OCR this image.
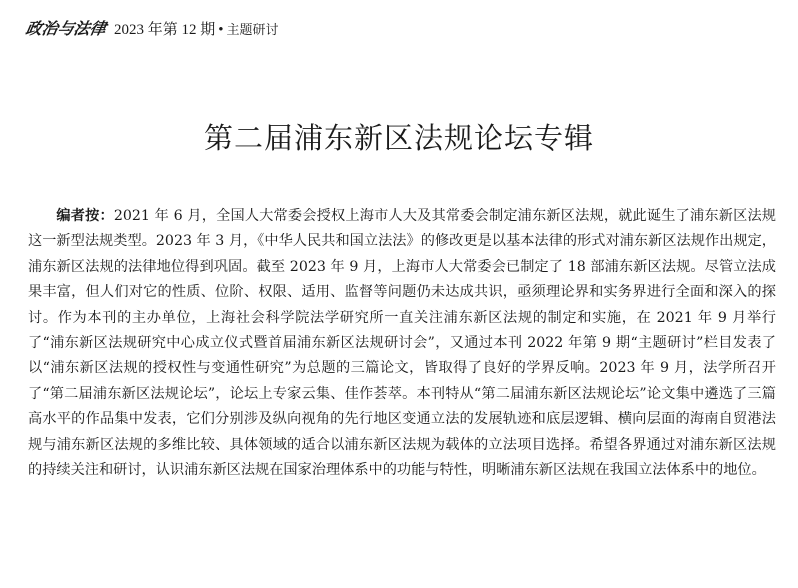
政治与法律 2023 年第 12 期 • 主题研讨
第二届浦东新区法规论坛专辑

编者按：2021 年 6 月，全国人大常委会授权上海市人大及其常委会制定浦东新区法规，就此诞生了浦东新区法规这一新型法规类型。2023 年 3 月，《中华人民共和国立法法》的修改更是以基本法律的形式对浦东新区法规作出规定，浦东新区法规的法律地位得到巩固。截至 2023 年 9 月，上海市人大常委会已制定了 18 部浦东新区法规。尽管立法成果丰富，但人们对它的性质、位阶、权限、适用、监督等问题仍未达成共识，亟须理论界和实务界进行全面和深入的探讨。作为本刊的主办单位，上海社会科学院法学研究所一直关注浦东新区法规的制定和实施，在 2021 年 9 月举行了“浦东新区法规研究中心成立仪式暨首届浦东新区法规研讨会”，又通过本刊 2022 年第 9 期“主题研讨”栏目发表了以“浦东新区法规的授权性与变通性研究”为总题的三篇论文，皆取得了良好的学界反响。2023 年 9 月，法学所召开了“第二届浦东新区法规论坛”，论坛上专家云集、佳作荟萃。本刊特从“第二届浦东新区法规论坛”论文集中遴选了三篇高水平的作品集中发表，它们分别涉及纵向视角的先行地区变通立法的发展轨迹和底层逻辑、横向层面的海南自贸港法规与浦东新区法规的多维比较、具体领域的适合以浦东新区法规为载体的立法项目选择。希望各界通过对浦东新区法规的持续关注和研讨，认识浦东新区法规在国家治理体系中的功能与特性，明晰浦东新区法规在我国立法体系中的地位。
